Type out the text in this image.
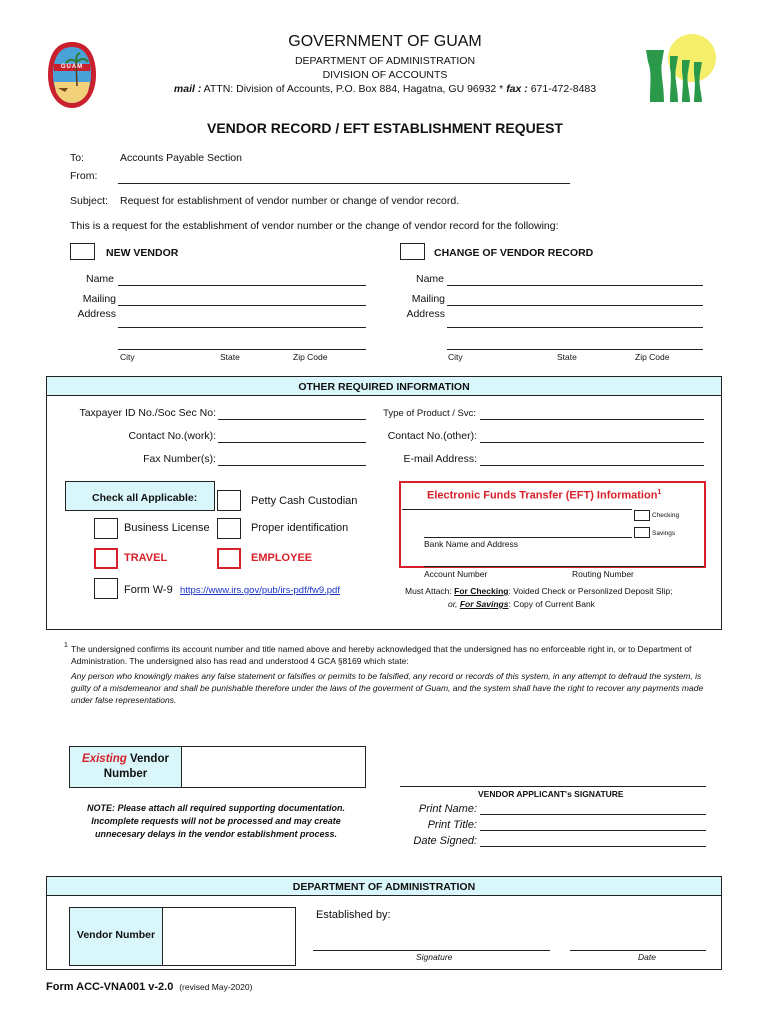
GUAM
GOVERNMENT OF GUAM
DEPARTMENT OF ADMINISTRATION
DIVISION OF ACCOUNTS
mail : ATTN: Division of Accounts, P.O. Box 884, Hagatna, GU 96932 * fax : 671-472-8483
VENDOR RECORD / EFT ESTABLISHMENT REQUEST
To:	Accounts Payable Section
From:
Subject: Request for establishment of vendor number or change of vendor record.
This is a request for the establishment of vendor number or the change of vendor record for the following:
NEW VENDOR
Name
Mailing
Address
City	State	Zip Code
CHANGE OF VENDOR RECORD
Name
Mailing
Address
City	State	Zip Code
OTHER REQUIRED INFORMATION
Taxpayer ID No./Soc Sec No:	Type of Product / Svc:
Contact No.(work):	Contact No.(other):
Fax Number(s):	E-mail Address:
Check all Applicable:	Petty Cash Custodian
Business License	Proper identification
TRAVEL	EMPLOYEE
Form W-9 https://www.irs.gov/pub/irs-pdf/fw9.pdf
Electronic Funds Transfer (EFT) Information$^1$
Checking
Savings
Bank Name and Address
Account Number	Routing Number
Must Attach: For Checking: Voided Check or Personlized Deposit Slip;
or, For Savings: Copy of Current Bank
1 The undersigned confirms its account number and title named above and hereby acknowledged that the undersigned has no enforceable right in, or to Department of Administration. The undersigned also has read and understood 4 GCA §8169 which state:
Any person who knowingly makes any false statement or falsifies or permits to be falsified, any record or records of this system, in any attempt to defraud the system, is guilty of a misdemeanor and shall be punishable therefore under the laws of the goverment of Guam, and the system shall have the right to recover any payments made under false representations.
Existing Vendor
Number
VENDOR APPLICANT's SIGNATURE
Print Name:
Print Title:
Date Signed:
NOTE: Please attach all required supporting documentation. Incomplete requests will not be processed and may create unnecesary delays in the vendor establishment process.
DEPARTMENT OF ADMINISTRATION
Vendor Number
Established by:
Signature	Date
Form ACC-VNA001 v-2.0 (revised May-2020)
